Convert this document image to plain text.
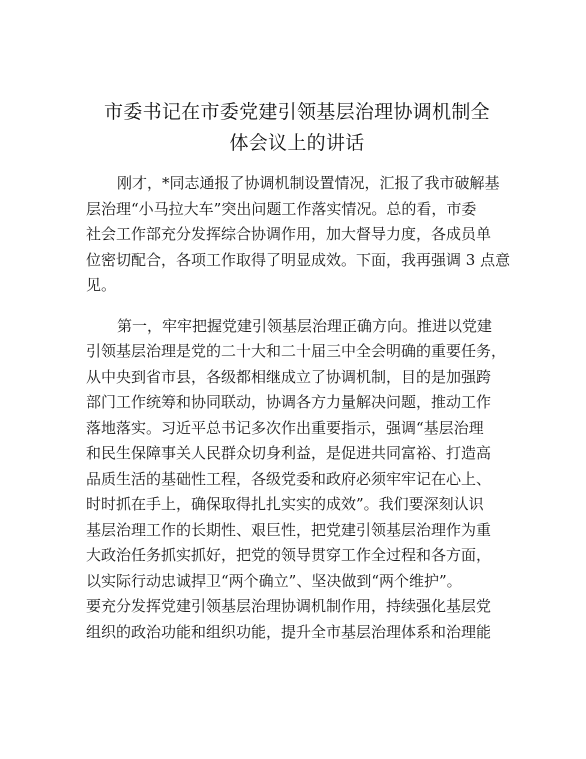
市委书记在市委党建引领基层治理协调机制全
体会议上的讲话
刚才，*同志通报了协调机制设置情况，汇报了我市破解基
层治理“小马拉大车”突出问题工作落实情况。总的看，市委
社会工作部充分发挥综合协调作用，加大督导力度，各成员单
位密切配合，各项工作取得了明显成效。下面，我再强调 3 点意
见。
第一，牢牢把握党建引领基层治理正确方向。推进以党建
引领基层治理是党的二十大和二十届三中全会明确的重要任务，
从中央到省市县，各级都相继成立了协调机制，目的是加强跨
部门工作统筹和协同联动，协调各方力量解决问题，推动工作
落地落实。习近平总书记多次作出重要指示，强调“基层治理
和民生保障事关人民群众切身利益，是促进共同富裕、打造高
品质生活的基础性工程，各级党委和政府必须牢牢记在心上、
时时抓在手上，确保取得扎扎实实的成效”。我们要深刻认识
基层治理工作的长期性、艰巨性，把党建引领基层治理作为重
大政治任务抓实抓好，把党的领导贯穿工作全过程和各方面，
以实际行动忠诚捍卫“两个确立”、坚决做到“两个维护”。
要充分发挥党建引领基层治理协调机制作用，持续强化基层党
组织的政治功能和组织功能，提升全市基层治理体系和治理能
